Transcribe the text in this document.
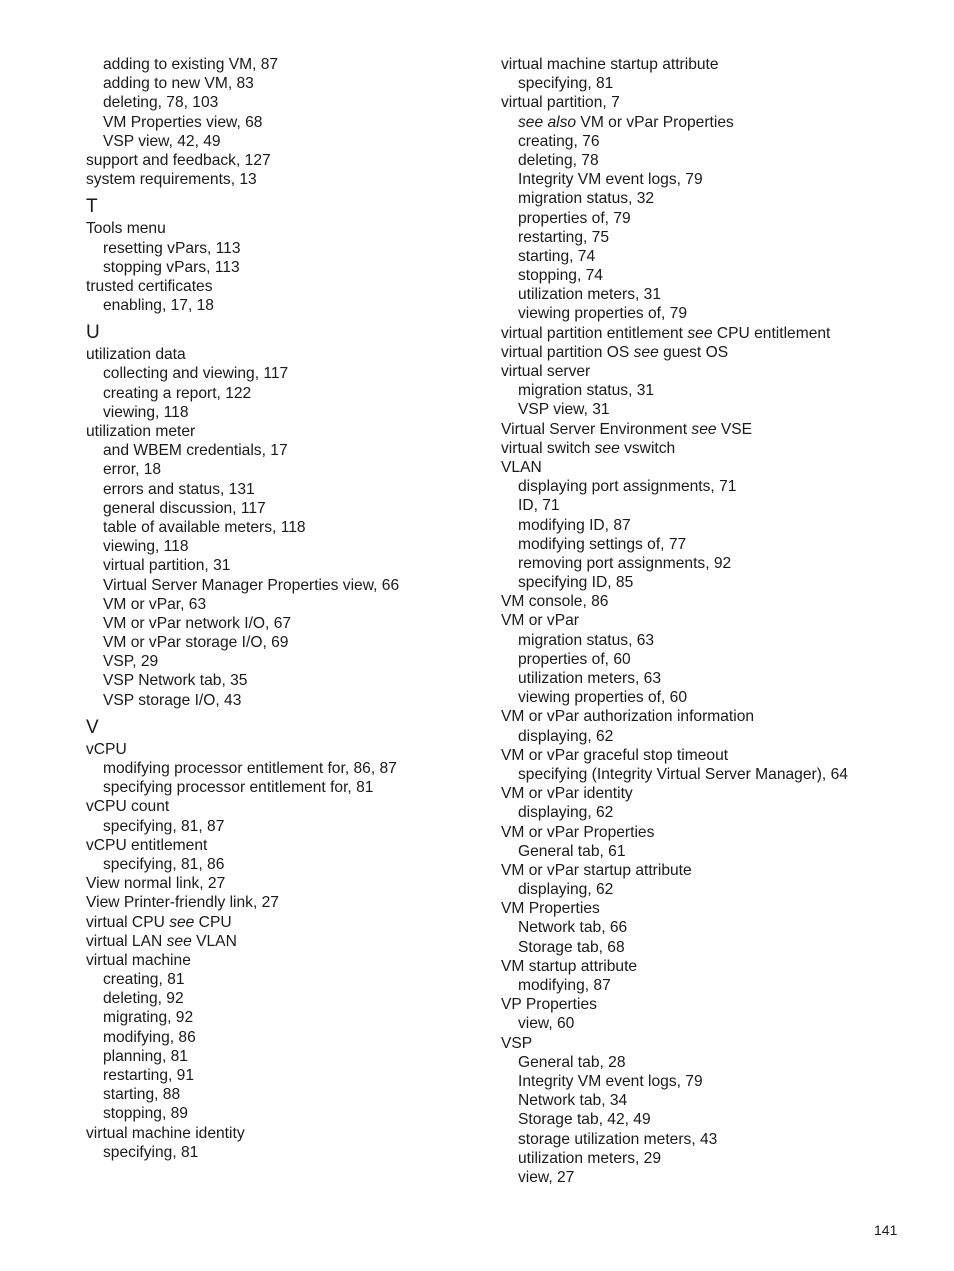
adding to existing VM, 87
adding to new VM, 83
deleting, 78, 103
VM Properties view, 68
VSP view, 42, 49
support and feedback, 127
system requirements, 13
T
Tools menu
resetting vPars, 113
stopping vPars, 113
trusted certificates
enabling, 17, 18
U
utilization data
collecting and viewing, 117
creating a report, 122
viewing, 118
utilization meter
and WBEM credentials, 17
error, 18
errors and status, 131
general discussion, 117
table of available meters, 118
viewing, 118
virtual partition, 31
Virtual Server Manager Properties view, 66
VM or vPar, 63
VM or vPar network I/O, 67
VM or vPar storage I/O, 69
VSP, 29
VSP Network tab, 35
VSP storage I/O, 43
V
vCPU
modifying processor entitlement for, 86, 87
specifying processor entitlement for, 81
vCPU count
specifying, 81, 87
vCPU entitlement
specifying, 81, 86
View normal link, 27
View Printer-friendly link, 27
virtual CPU see CPU
virtual LAN see VLAN
virtual machine
creating, 81
deleting, 92
migrating, 92
modifying, 86
planning, 81
restarting, 91
starting, 88
stopping, 89
virtual machine identity
specifying, 81
virtual machine startup attribute
specifying, 81
virtual partition, 7
see also VM or vPar Properties
creating, 76
deleting, 78
Integrity VM event logs, 79
migration status, 32
properties of, 79
restarting, 75
starting, 74
stopping, 74
utilization meters, 31
viewing properties of, 79
virtual partition entitlement see CPU entitlement
virtual partition OS see guest OS
virtual server
migration status, 31
VSP view, 31
Virtual Server Environment see VSE
virtual switch see vswitch
VLAN
displaying port assignments, 71
ID, 71
modifying ID, 87
modifying settings of, 77
removing port assignments, 92
specifying ID, 85
VM console, 86
VM or vPar
migration status, 63
properties of, 60
utilization meters, 63
viewing properties of, 60
VM or vPar authorization information
displaying, 62
VM or vPar graceful stop timeout
specifying (Integrity Virtual Server Manager), 64
VM or vPar identity
displaying, 62
VM or vPar Properties
General tab, 61
VM or vPar startup attribute
displaying, 62
VM Properties
Network tab, 66
Storage tab, 68
VM startup attribute
modifying, 87
VP Properties
view, 60
VSP
General tab, 28
Integrity VM event logs, 79
Network tab, 34
Storage tab, 42, 49
storage utilization meters, 43
utilization meters, 29
view, 27
141
